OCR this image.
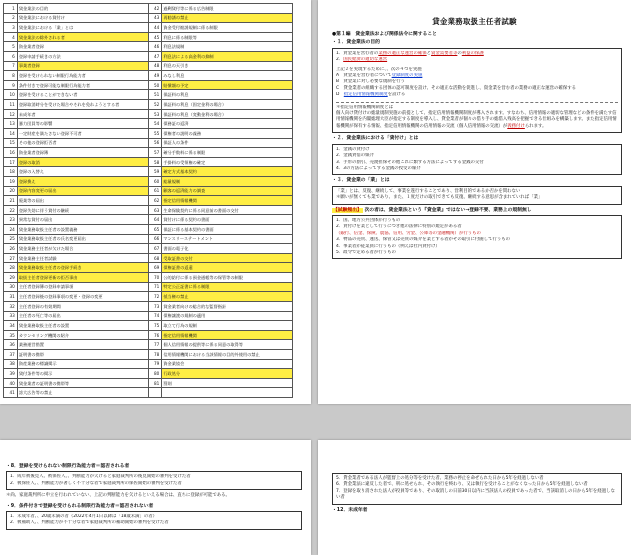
1	貸金業法の目的	42	過剰貸付等に係る広告制限
2	貸金業法における貸付け	43	再勧誘の禁止
3	貸金業法における「業」とは	44	資金受付勧誘規制に係る制限
4	貸金業法の除外される者	45	利息に係る制限等
5	資金業者登録	46	利息法規制
6	登録申請手続きの方法	47	利息法による高金利の抑制
7	事業者登録	48	利息の天引き
8	登録を受けられない制限行為能力者	49	みなし利息
9	条件付きで登録可能な制限行為能力者	50	賠償額の予定
10	登録を受けることができない者	51	保証料の利息
11	登録取消時分を受けた場合やそれを免れようとする者	52	保証料の利息（固定金利の場合）
12	未成年者	53	保証料の利息（変動金利の場合）
13	暴力団員等の影響	54	債務証の返済
14	一定財産を満たさない登録不可者	55	債権者の説明の義務
15	その他の登録拒否者	56	保証人の条件
16	資金業者登録簿	57	確分手数料に係る制限
17	登録の取消	58	手掛料の受領権の確定
18	登録の入替え	59	確定方式基本契約
19	登録換え	60	総量規制
20	登録内容変更の届出	61	顧客の返済能力の調査
21	廃業等の届出	62	指定信用情報機関
22	登録失効に伴う貸付の継続	63	生命保険契約に係る同意前の書面の交付
23	異常な貸付の届出	64	貸付けに係る契約の書面
24	貸金業務取扱主任者の設置義務	65	保証に係る基本契約の書面
25	貸金業務取扱主任者の氏名変更届出	66	マンスリーステートメント
26	貸金業務主任者が欠けた場合	67	書面の電子化
27	貸金業務主任者試験	68	受取証書の交付
28	貸金業務取扱主任者の登録手続き	69	債権証書の返還
29	取扱主任者登録更新の拒否事由	70	公的給付に係る預金通帳等の保管等の制限
30	主任者登録簿の登録申請事項	71	特定公正証書に係る制限
31	主任者登録後の登録事項の変更・登録の変更	72	抵当権の禁止
32	主任者登録の有効期間	73	貸金業者向けの総合的な監督指針
33	主任者の死亡等の届出	74	債権譲渡の規制の適用
34	貸金業務取扱主任者の設置	75	取立て行為の規制
35	カウンセリング機関の紹介	76	指定信用情報機関
36	業務運営措置	77	個人信用情報の提供等に係る同意の取得等
37	証明書の携帯	78	信用情報機関における当該情報の目的外使用の禁止
38	資産業務の標識掲示	79	資金業協会
39	貸付条件等の掲示	80	行政処分
40	貸金業者の証明書の携帯等	81	罰則
41	誇大広告等の禁止		
貸金業務取扱主任者試験
●第１編　貸金業法および関係法令に関すること
・１．貸金業法の目的
1．貸金業を営む者の業務の適正な運営の確保と資金需要者等の利益の保護
2．国民経済の適切な運営
上記２を実現するために、、次の４つを実施
A　貸金業を営む者について登録制度の実施
B　貸金業に対し必要な規制を行う
C　貸金業者の組織する団体の認可制度を設け、その適正な活動を促進し、資金業を営む者の業務の適正な運営の確保する
D　指定信用情報機関制度を設ける
＊指定信用情報機関制度とは
個人向け貸付けの総量規制実施の前提として、指定信用情報機関制度が導入されます。すなわち、信用情報の適切な管理などの条件を満たす信用情報機関を内閣総理大臣が指定する制度を導入し、貸金業者が個々の借り手の総借入残高を把握できる仕組みを構築します。また指定信用情報機関が保有する情報、指定信用情報機関の信用情報の交流（個人信用情報の交流）が義務付けられます。
・２．貸金業法における「貸付け」とは
1．金銭の貸付け
2．金銭貸借の媒介
3．手形の割引、売渡担保その他これに類する方法によってする金銭の交付
4．3の方法によってする金銭の授受の媒介
・３．貸金業の「業」とは
「業」とは、反復、継続して、事業を遂行することであり、営利目的であるか否かを問わない
＊願いが無くても業であり、また、１度だけの取引できても反復、継続する意思が含まれていれば「業」
【試験頻出】 次の者は、貸金業法という『貸金業』ではない→登録不要、業務上の規制無し
1．国、地方公共団体が行うもの
2．貸付けを業として行うにつき他の法律に特別の規定がある者
（銀行、信金、保険、農協、信用、労金、公庫等の金融機関）が行うもの
3．物品の売買、運送、保管又は売買の媒介を業とする者がその取引に付随して行うもの
4．事業者が従業員に行うもの（例えば社内貸付け）
5．政令で定める者が行うもの
・8．登録を受けられない制限行為能力者＝認否される者
1．成年被後見人、被保佐人、、判断能力が欠けると家庭裁判所の後見開始の審判を受けた者
2．被保佐人、、判断能力が著しく不十分な者で家庭裁判所の保佐開始の審判を受けた者
＊尚、家庭裁判所に申立を行われていない、上記の判断能力を欠けるといえる場合は、直ちに登録が可能である。
・9．条件付きで登録を受けられる制限行為能力者＝認否されない者
1．未成年者、、20歳未満の者（2022年4月1日以降は「18歳未満」の者）
2．被補助人、、判断能力が不十分な者で家庭裁判所の補助開始の審判を受けた者
5．貸金業者である法人が監督上の処分等を受けた者、業務の停止を命ぜられた日から5年を経過しない者
6．貸金業法に違反した者で、刑に処せられ、その執行を終わり、又は執行を受けることがなくなった日から5年を経過しない者
7．登録を取り消された法人が役員等であり、その取消しの日前30日以内に当該法人の役員であった者で、当該取消しの日から5年を経過しない者
・12．未成年者
